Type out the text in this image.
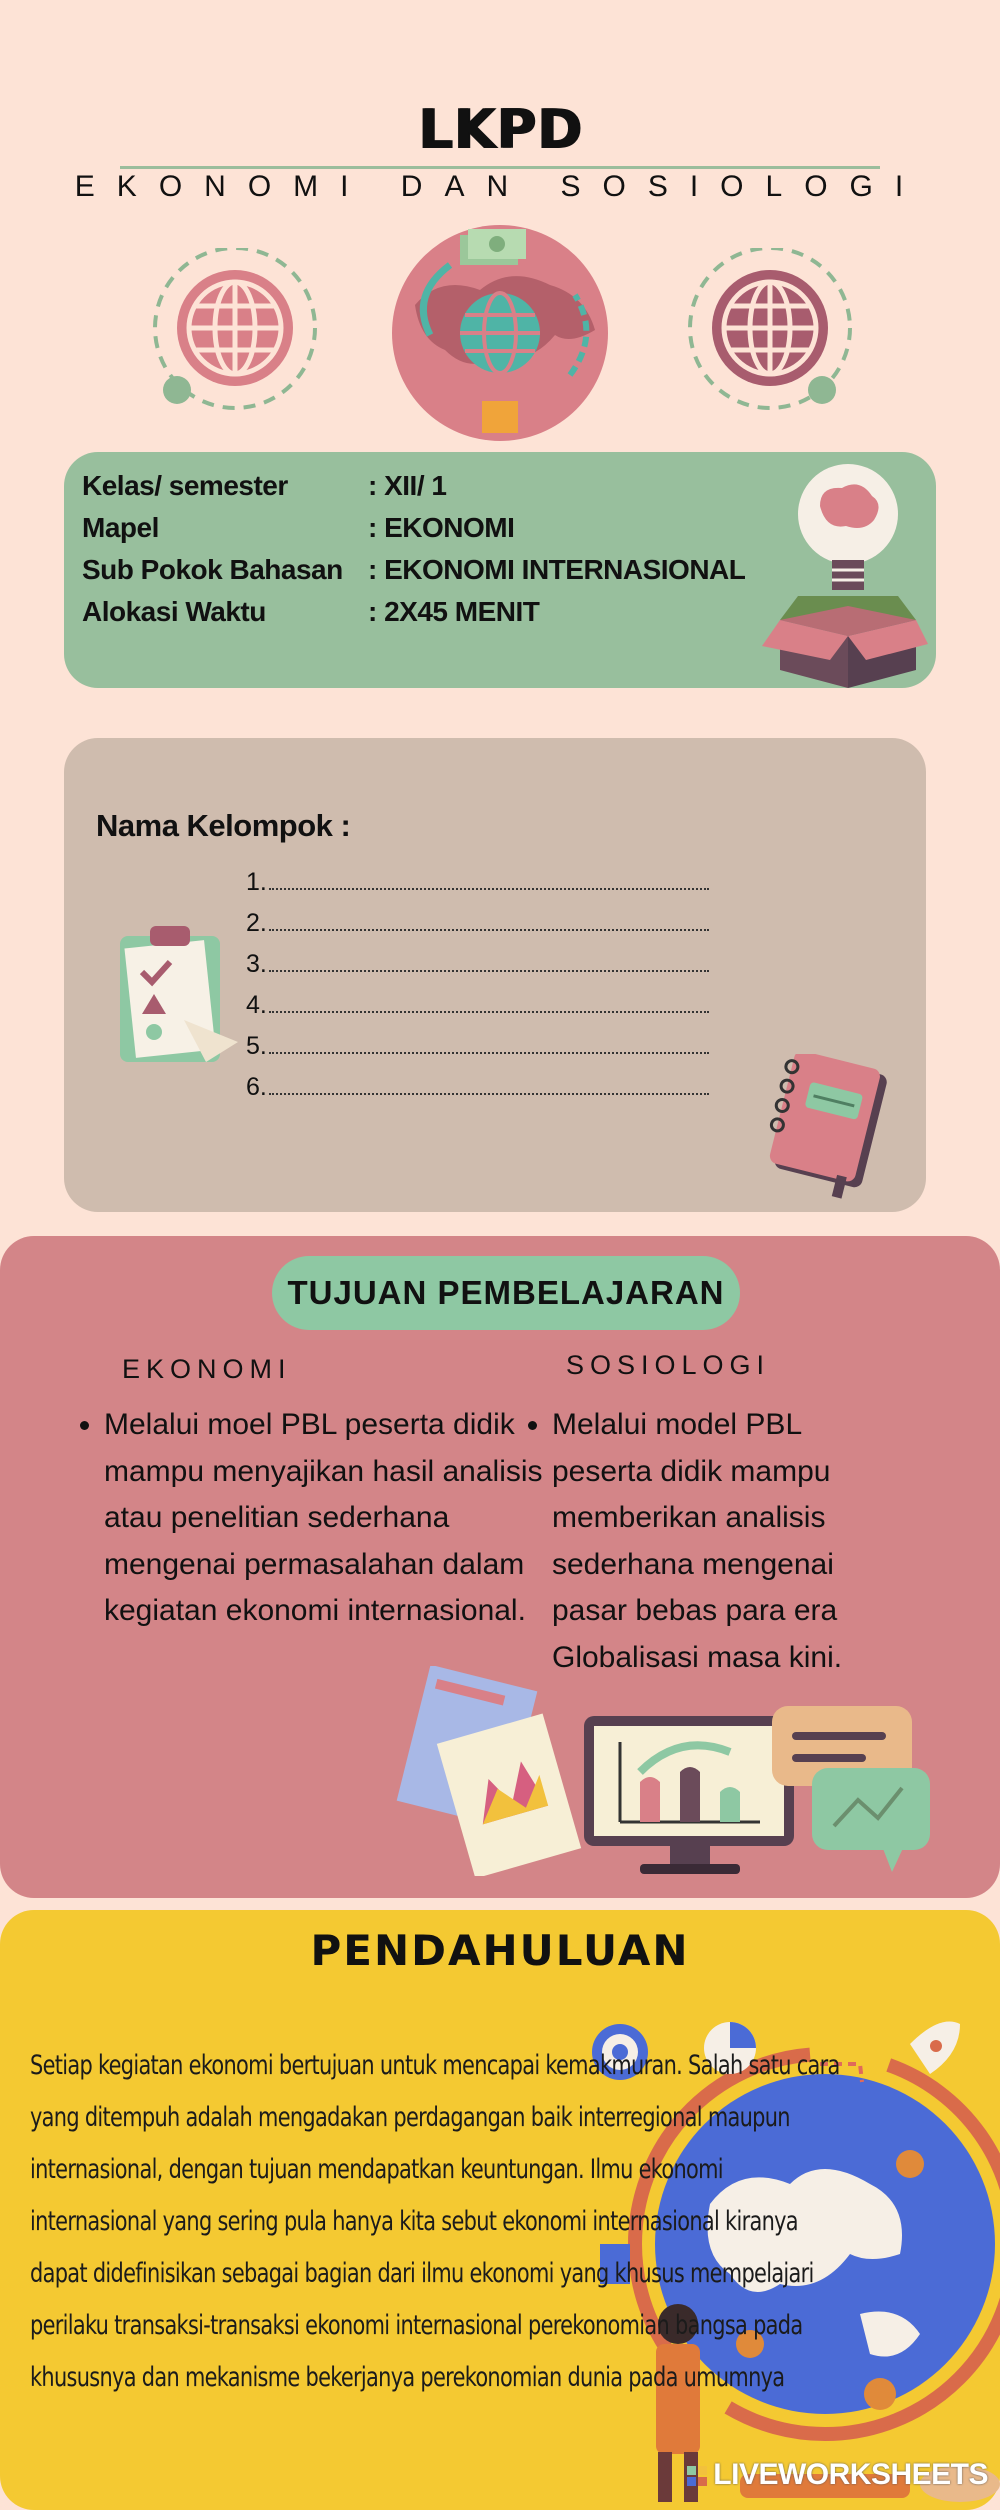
LKPD
EKONOMI DAN SOSIOLOGI
Kelas/ semester	: XII/ 1
Mapel	: EKONOMI
Sub Pokok Bahasan : EKONOMI INTERNASIONAL
Alokasi Waktu	: 2X45 MENIT
Nama Kelompok :
1.
2.
3.
4.
5.
6.
TUJUAN PEMBELAJARAN
EKONOMI
• Melalui moel PBL peserta didik mampu menyajikan hasil analisis atau penelitian sederhana mengenai permasalahan dalam kegiatan ekonomi internasional.
SOSIOLOGI
• Melalui model PBL peserta didik mampu memberikan analisis sederhana mengenai pasar bebas para era Globalisasi masa kini.
PENDAHULUAN
Setiap kegiatan ekonomi bertujuan untuk mencapai kemakmuran. Salah satu cara
yang ditempuh adalah mengadakan perdagangan baik interregional maupun
internasional, dengan tujuan mendapatkan keuntungan. Ilmu ekonomi
internasional yang sering pula hanya kita sebut ekonomi internasional kiranya
dapat didefinisikan sebagai bagian dari ilmu ekonomi yang khusus mempelajari
perilaku transaksi-transaksi ekonomi internasional perekonomian bangsa pada
khususnya dan mekanisme bekerjanya perekonomian dunia pada umumnya
LIVEWORKSHEETS
